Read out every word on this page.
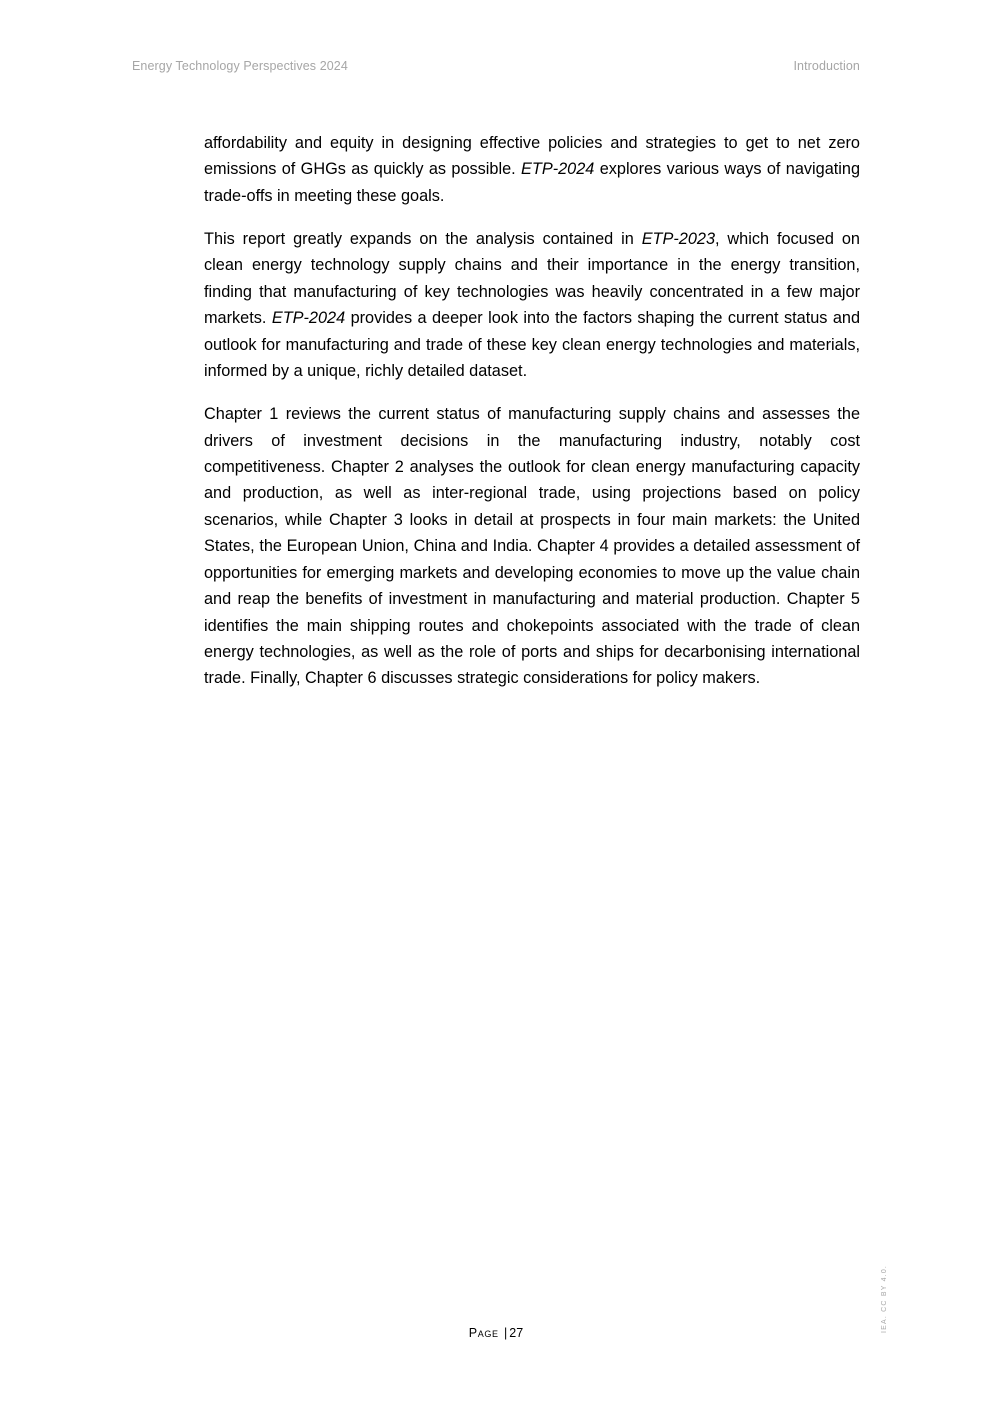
Energy Technology Perspectives 2024	Introduction

affordability and equity in designing effective policies and strategies to get to net zero emissions of GHGs as quickly as possible. ETP-2024 explores various ways of navigating trade-offs in meeting these goals.

This report greatly expands on the analysis contained in ETP-2023, which focused on clean energy technology supply chains and their importance in the energy transition, finding that manufacturing of key technologies was heavily concentrated in a few major markets. ETP-2024 provides a deeper look into the factors shaping the current status and outlook for manufacturing and trade of these key clean energy technologies and materials, informed by a unique, richly detailed dataset.

Chapter 1 reviews the current status of manufacturing supply chains and assesses the drivers of investment decisions in the manufacturing industry, notably cost competitiveness. Chapter 2 analyses the outlook for clean energy manufacturing capacity and production, as well as inter-regional trade, using projections based on policy scenarios, while Chapter 3 looks in detail at prospects in four main markets: the United States, the European Union, China and India. Chapter 4 provides a detailed assessment of opportunities for emerging markets and developing economies to move up the value chain and reap the benefits of investment in manufacturing and material production. Chapter 5 identifies the main shipping routes and chokepoints associated with the trade of clean energy technologies, as well as the role of ports and ships for decarbonising international trade. Finally, Chapter 6 discusses strategic considerations for policy makers.

Page | 27	IEA. CC BY 4.0.
